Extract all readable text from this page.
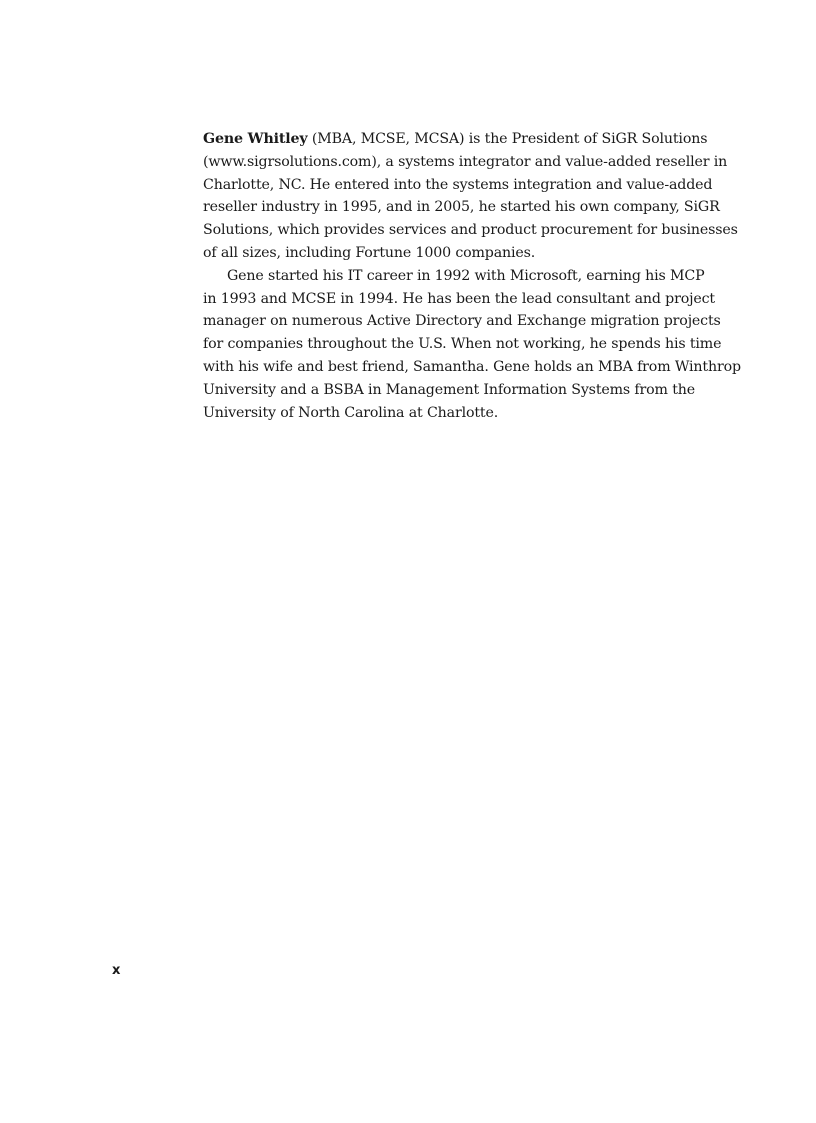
Gene Whitley (MBA, MCSE, MCSA) is the President of SiGR Solutions
(www.sigrsolutions.com), a systems integrator and value-added reseller in
Charlotte, NC. He entered into the systems integration and value-added
reseller industry in 1995, and in 2005, he started his own company, SiGR
Solutions, which provides services and product procurement for businesses
of all sizes, including Fortune 1000 companies.
Gene started his IT career in 1992 with Microsoft, earning his MCP
in 1993 and MCSE in 1994. He has been the lead consultant and project
manager on numerous Active Directory and Exchange migration projects
for companies throughout the U.S. When not working, he spends his time
with his wife and best friend, Samantha. Gene holds an MBA from Winthrop
University and a BSBA in Management Information Systems from the
University of North Carolina at Charlotte.
x
